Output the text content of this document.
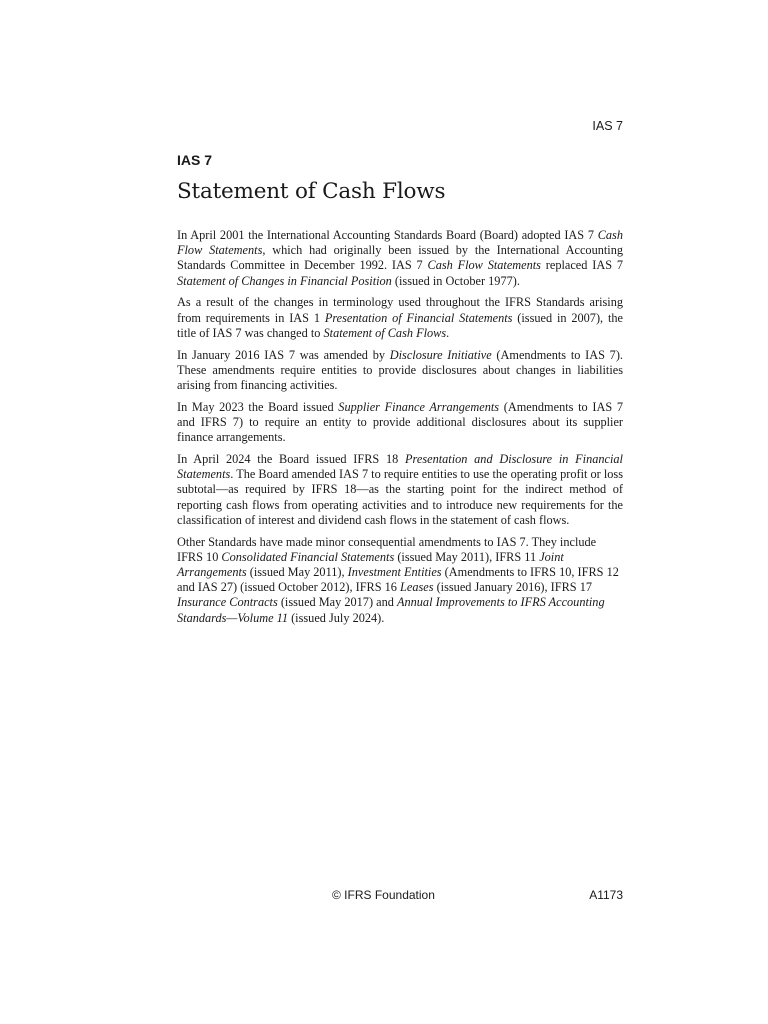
IAS 7
IAS 7
Statement of Cash Flows

In April 2001 the International Accounting Standards Board (Board) adopted IAS 7 Cash Flow Statements, which had originally been issued by the International Accounting Standards Committee in December 1992. IAS 7 Cash Flow Statements replaced IAS 7 Statement of Changes in Financial Position (issued in October 1977).

As a result of the changes in terminology used throughout the IFRS Standards arising from requirements in IAS 1 Presentation of Financial Statements (issued in 2007), the title of IAS 7 was changed to Statement of Cash Flows.

In January 2016 IAS 7 was amended by Disclosure Initiative (Amendments to IAS 7). These amendments require entities to provide disclosures about changes in liabilities arising from financing activities.

In May 2023 the Board issued Supplier Finance Arrangements (Amendments to IAS 7 and IFRS 7) to require an entity to provide additional disclosures about its supplier finance arrangements.

In April 2024 the Board issued IFRS 18 Presentation and Disclosure in Financial Statements. The Board amended IAS 7 to require entities to use the operating profit or loss subtotal—as required by IFRS 18—as the starting point for the indirect method of reporting cash flows from operating activities and to introduce new requirements for the classification of interest and dividend cash flows in the statement of cash flows.

Other Standards have made minor consequential amendments to IAS 7. They include IFRS 10 Consolidated Financial Statements (issued May 2011), IFRS 11 Joint Arrangements (issued May 2011), Investment Entities (Amendments to IFRS 10, IFRS 12 and IAS 27) (issued October 2012), IFRS 16 Leases (issued January 2016), IFRS 17 Insurance Contracts (issued May 2017) and Annual Improvements to IFRS Accounting Standards—Volume 11 (issued July 2024).

© IFRS Foundation	A1173
